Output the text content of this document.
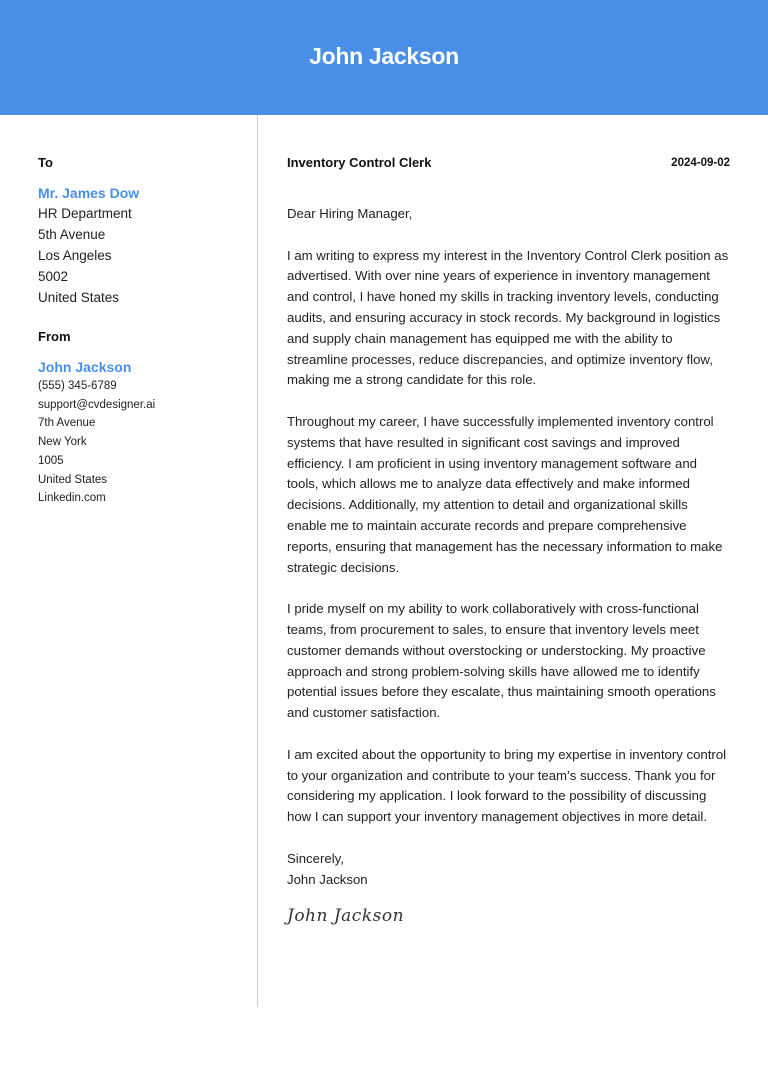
John Jackson
To
Mr. James Dow
HR Department
5th Avenue
Los Angeles
5002
United States
From
John Jackson
(555) 345-6789
support@cvdesigner.ai
7th Avenue
New York
1005
United States
Linkedin.com
Inventory Control Clerk	2024-09-02

Dear Hiring Manager,

I am writing to express my interest in the Inventory Control Clerk position as advertised. With over nine years of experience in inventory management and control, I have honed my skills in tracking inventory levels, conducting audits, and ensuring accuracy in stock records. My background in logistics and supply chain management has equipped me with the ability to streamline processes, reduce discrepancies, and optimize inventory flow, making me a strong candidate for this role.

Throughout my career, I have successfully implemented inventory control systems that have resulted in significant cost savings and improved efficiency. I am proficient in using inventory management software and tools, which allows me to analyze data effectively and make informed decisions. Additionally, my attention to detail and organizational skills enable me to maintain accurate records and prepare comprehensive reports, ensuring that management has the necessary information to make strategic decisions.

I pride myself on my ability to work collaboratively with cross-functional teams, from procurement to sales, to ensure that inventory levels meet customer demands without overstocking or understocking. My proactive approach and strong problem-solving skills have allowed me to identify potential issues before they escalate, thus maintaining smooth operations and customer satisfaction.

I am excited about the opportunity to bring my expertise in inventory control to your organization and contribute to your team’s success. Thank you for considering my application. I look forward to the possibility of discussing how I can support your inventory management objectives in more detail.

Sincerely,
John Jackson
John Jackson
